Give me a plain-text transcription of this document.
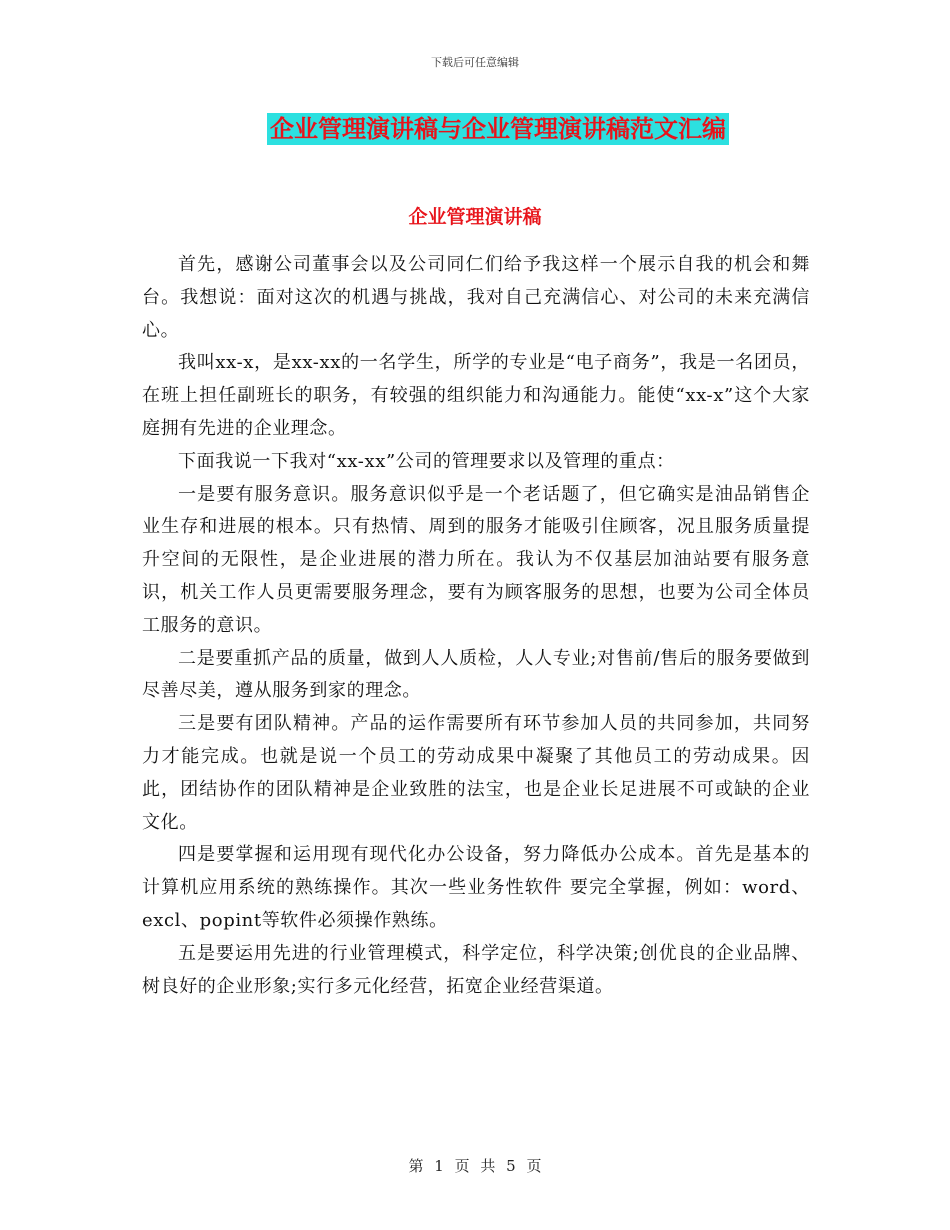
下载后可任意编辑
企业管理演讲稿与企业管理演讲稿范文汇编
企业管理演讲稿

首先，感谢公司董事会以及公司同仁们给予我这样一个展示自我的机会和舞台。我想说：面对这次的机遇与挑战，我对自己充满信心、对公司的未来充满信心。

我叫xx-x，是xx-xx的一名学生，所学的专业是“电子商务”，我是一名团员，在班上担任副班长的职务，有较强的组织能力和沟通能力。能使“xx-x”这个大家庭拥有先进的企业理念。

下面我说一下我对“xx-xx”公司的管理要求以及管理的重点：

一是要有服务意识。服务意识似乎是一个老话题了，但它确实是油品销售企业生存和进展的根本。只有热情、周到的服务才能吸引住顾客，况且服务质量提升空间的无限性，是企业进展的潜力所在。我认为不仅基层加油站要有服务意识，机关工作人员更需要服务理念，要有为顾客服务的思想，也要为公司全体员工服务的意识。

二是要重抓产品的质量，做到人人质检，人人专业;对售前/售后的服务要做到尽善尽美，遵从服务到家的理念。

三是要有团队精神。产品的运作需要所有环节参加人员的共同参加，共同努力才能完成。也就是说一个员工的劳动成果中凝聚了其他员工的劳动成果。因此，团结协作的团队精神是企业致胜的法宝，也是企业长足进展不可或缺的企业文化。

四是要掌握和运用现有现代化办公设备，努力降低办公成本。首先是基本的计算机应用系统的熟练操作。其次一些业务性软件 要完全掌握，例如：word、excl、popint等软件必须操作熟练。

五是要运用先进的行业管理模式，科学定位，科学决策;创优良的企业品牌、树良好的企业形象;实行多元化经营，拓宽企业经营渠道。

第 1 页 共 5 页
